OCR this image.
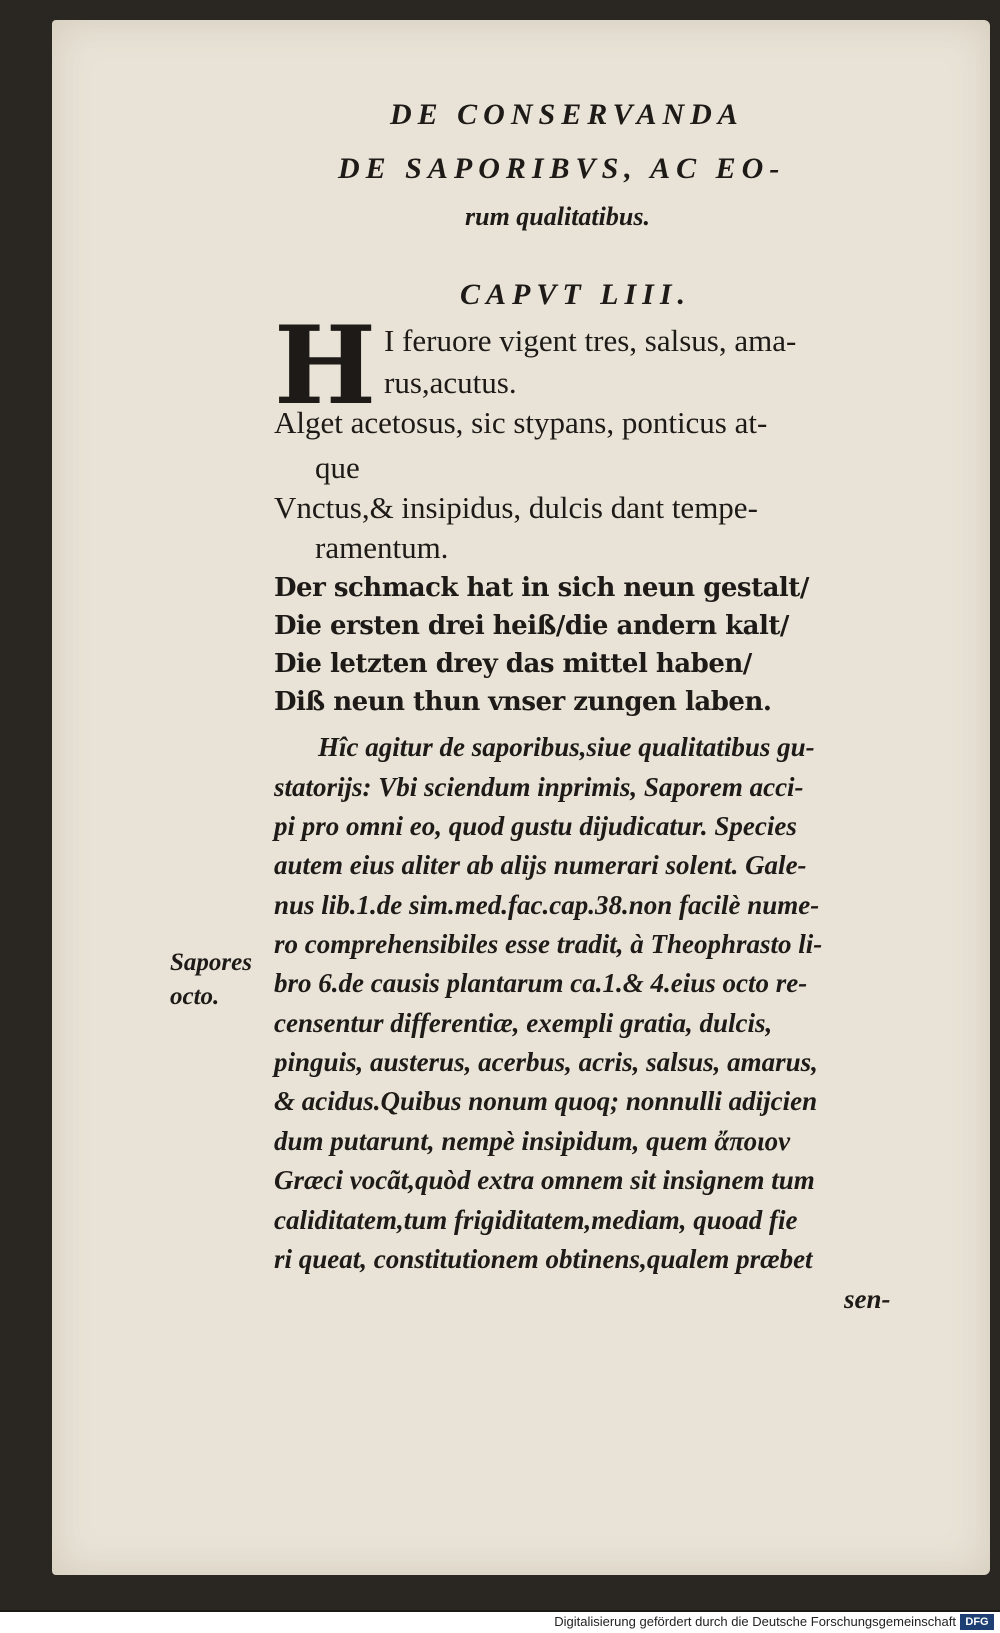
DE CONSERVANDA
DE SAPORIBVS, AC EO-
rum qualitatibus.
CAPVT LIII.
H I feruore vigent tres, salsus, ama-
rus,acutus.
Alget acetosus, sic stypans, ponticus at-
que
Vnctus,& insipidus, dulcis dant tempe-
ramentum.
Der schmack hat in sich neun gestalt/
Die ersten drei heiß/die andern kalt/
Die letzten drey das mittel haben/
Diß neun thun vnser zungen laben.
Hîc agitur de saporibus,siue qualitatibus gu-
statorijs: Vbi sciendum inprimis, Saporem acci-
pi pro omni eo, quod gustu dijudicatur. Species
autem eius aliter ab alijs numerari solent. Gale-
nus lib.1.de sim.med.fac.cap.38.non facilè nume-
ro comprehensibiles esse tradit, à Theophrasto li-
bro 6.de causis plantarum ca.1.& 4.eius octo re-
censentur differentiæ, exempli gratia, dulcis,
pinguis, austerus, acerbus, acris, salsus, amarus,
& acidus.Quibus nonum quoq; nonnulli adijcien
dum putarunt, nempè insipidum, quem ἄποιον
Græci vocãt,quòd extra omnem sit insignem tum
caliditatem,tum frigiditatem,mediam, quoad fie
ri queat, constitutionem obtinens,qualem præbet
Sapores
octo.
sen-
Digitalisierung gefördert durch die Deutsche Forschungsgemeinschaft DFG
